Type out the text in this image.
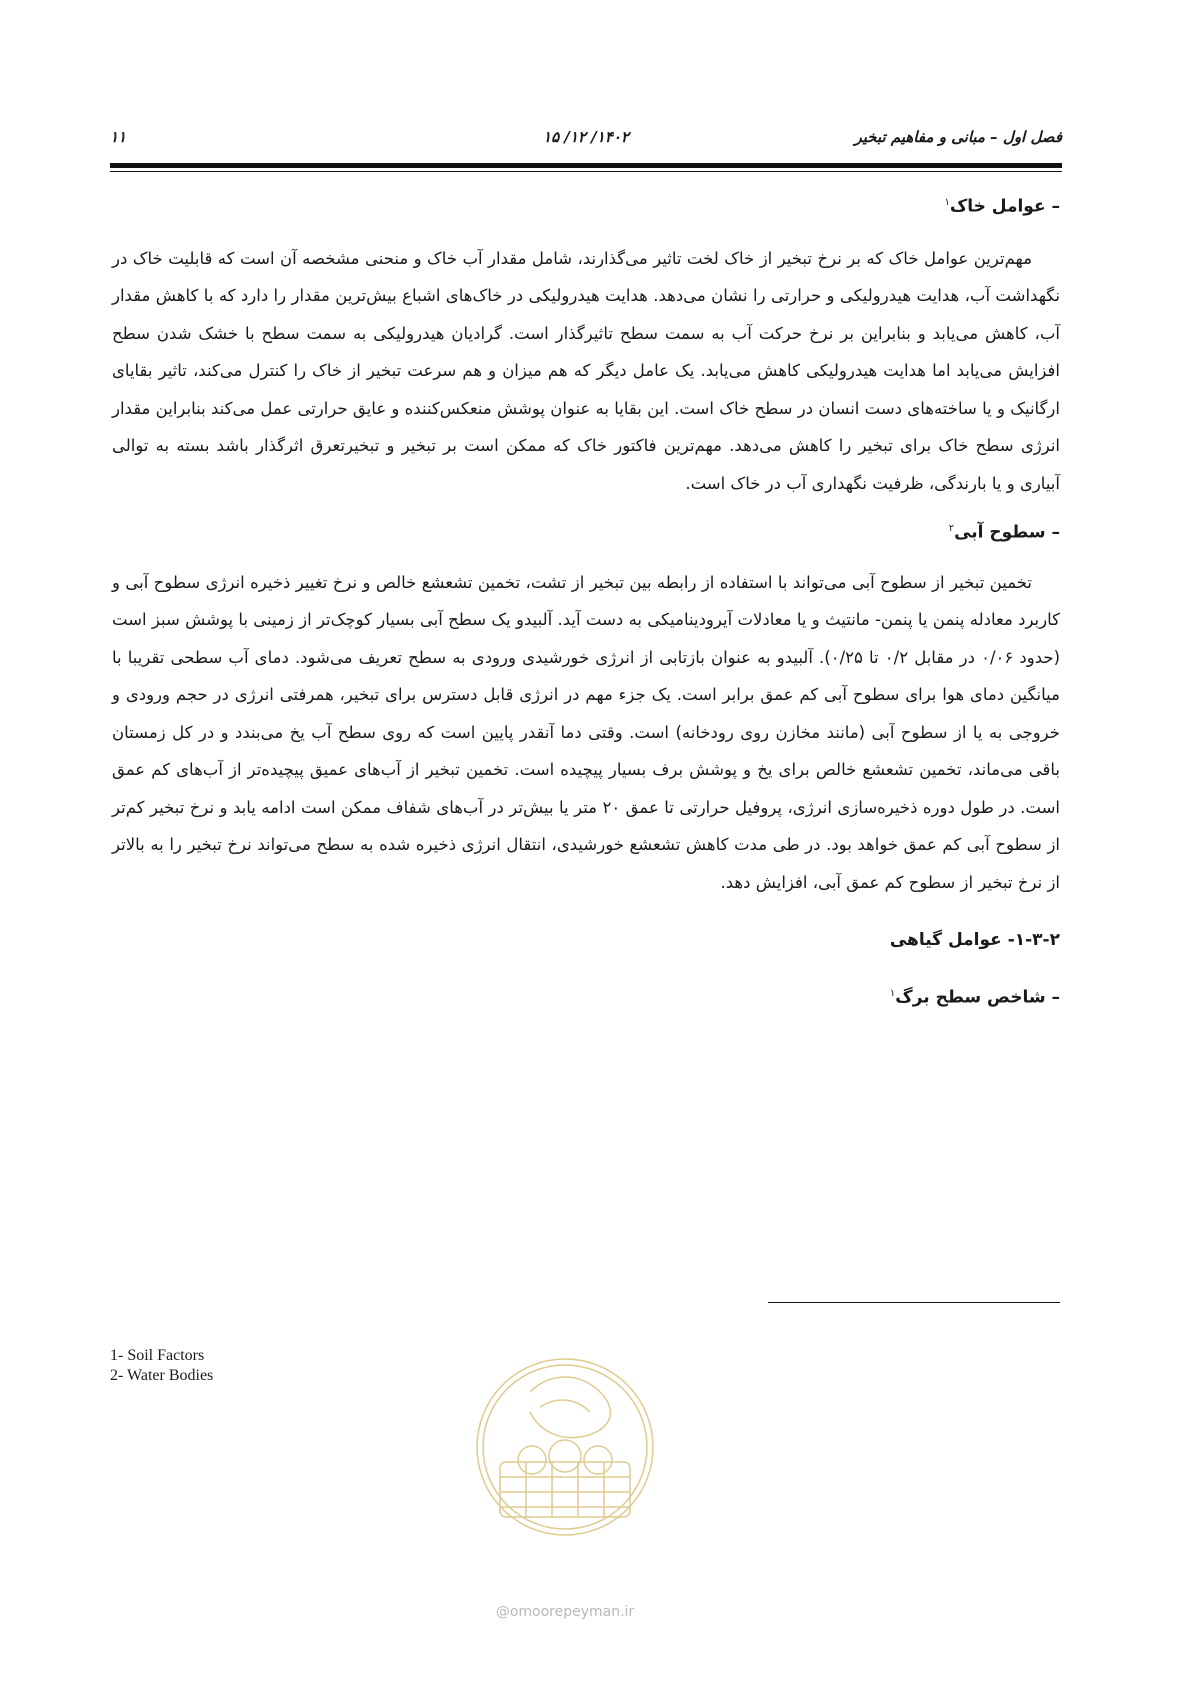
فصل اول – مبانی و مفاهیم تبخیر
۱۴۰۲/ ۱۲/ ۱۵
۱۱
– عوامل خاک$^۱$

مهم‌ترین عوامل خاک که بر نرخ تبخیر از خاک لخت تاثیر می‌گذارند، شامل مقدار آب خاک و منحنی مشخصه آن است که قابلیت خاک در نگهداشت آب، هدایت هیدرولیکی و حرارتی را نشان می‌دهد. هدایت هیدرولیکی در خاک‌های اشباع بیش‌ترین مقدار را دارد که با کاهش مقدار آب، کاهش می‌یابد و بنابراین بر نرخ حرکت آب به سمت سطح تاثیرگذار است. گرادیان هیدرولیکی به سمت سطح با خشک شدن سطح افزایش می‌یابد اما هدایت هیدرولیکی کاهش می‌یابد. یک عامل دیگر که هم میزان و هم سرعت تبخیر از خاک را کنترل می‌کند، تاثیر بقایای ارگانیک و یا ساخته‌های دست انسان در سطح خاک است. این بقایا به عنوان پوشش منعکس‌کننده و عایق حرارتی عمل می‌کند بنابراین مقدار انرژی سطح خاک برای تبخیر را کاهش می‌دهد. مهم‌ترین فاکتور خاک که ممکن است بر تبخیر و تبخیرتعرق اثرگذار باشد بسته به توالی آبیاری و یا بارندگی، ظرفیت نگهداری آب در خاک است.

– سطوح آبی$^۲$

تخمین تبخیر از سطوح آبی می‌تواند با استفاده از رابطه بین تبخیر از تشت، تخمین تشعشع خالص و نرخ تغییر ذخیره انرژی سطوح آبی و کاربرد معادله پنمن یا پنمن- مانتیث و یا معادلات آیرودینامیکی به دست آید. آلبیدو یک سطح آبی بسیار کوچک‌تر از زمینی با پوشش سبز است (حدود ۰/۰۶ در مقابل ۰/۲ تا ۰/۲۵). آلبیدو به عنوان بازتابی از انرژی خورشیدی ورودی به سطح تعریف می‌شود. دمای آب سطحی تقریبا با میانگین دمای هوا برای سطوح آبی کم عمق برابر است. یک جزء مهم در انرژی قابل دسترس برای تبخیر، همرفتی انرژی در حجم ورودی و خروجی به یا از سطوح آبی (مانند مخازن روی رودخانه) است. وقتی دما آنقدر پایین است که روی سطح آب یخ می‌بندد و در کل زمستان باقی می‌ماند، تخمین تشعشع خالص برای یخ و پوشش برف بسیار پیچیده است. تخمین تبخیر از آب‌های عمیق پیچیده‌تر از آب‌های کم عمق است. در طول دوره ذخیره‌سازی انرژی، پروفیل حرارتی تا عمق ۲۰ متر یا بیش‌تر در آب‌های شفاف ممکن است ادامه یابد و نرخ تبخیر کم‌تر از سطوح آبی کم عمق خواهد بود. در طی مدت کاهش تشعشع خورشیدی، انتقال انرژی ذخیره شده به سطح می‌تواند نرخ تبخیر را به بالاتر از نرخ تبخیر از سطوح کم عمق آبی، افزایش دهد.

۱-۳-۲- عوامل گیاهی
– شاخص سطح برگ$^۱$
1- Soil Factors
2- Water Bodies
@omoorepeyman.ir
